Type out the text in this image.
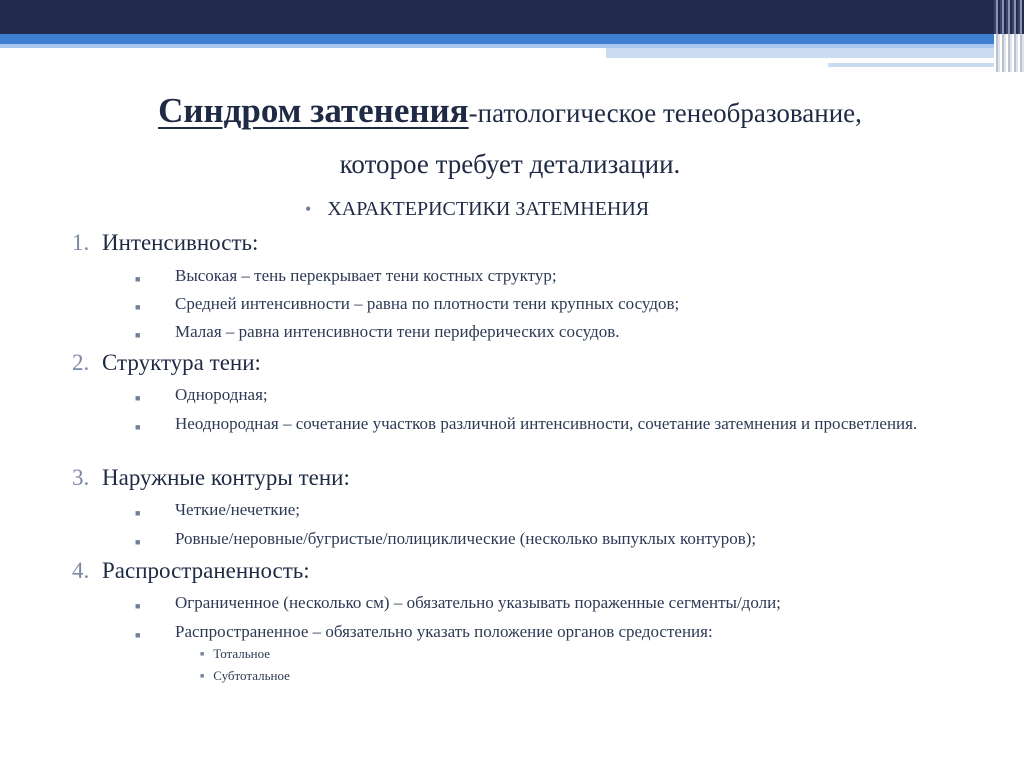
Синдром затенения-патологическое тенеобразование,
которое требует детализации.
• ХАРАКТЕРИСТИКИ ЗАТЕМНЕНИЯ
1. Интенсивность:
■ Высокая – тень перекрывает тени костных структур;
■ Средней интенсивности – равна по плотности тени крупных сосудов;
■ Малая – равна интенсивности тени периферических сосудов.
2. Структура тени:
■ Однородная;
■ Неоднородная – сочетание участков различной интенсивности, сочетание затемнения и просветления.
3. Наружные контуры тени:
■ Четкие/нечеткие;
■ Ровные/неровные/бугристые/полициклические (несколько выпуклых контуров);
4. Распространенность:
■ Ограниченное (несколько см) – обязательно указывать пораженные сегменты/доли;
■ Распространенное – обязательно указать положение органов средостения:
■ Тотальное
■ Субтотальное
